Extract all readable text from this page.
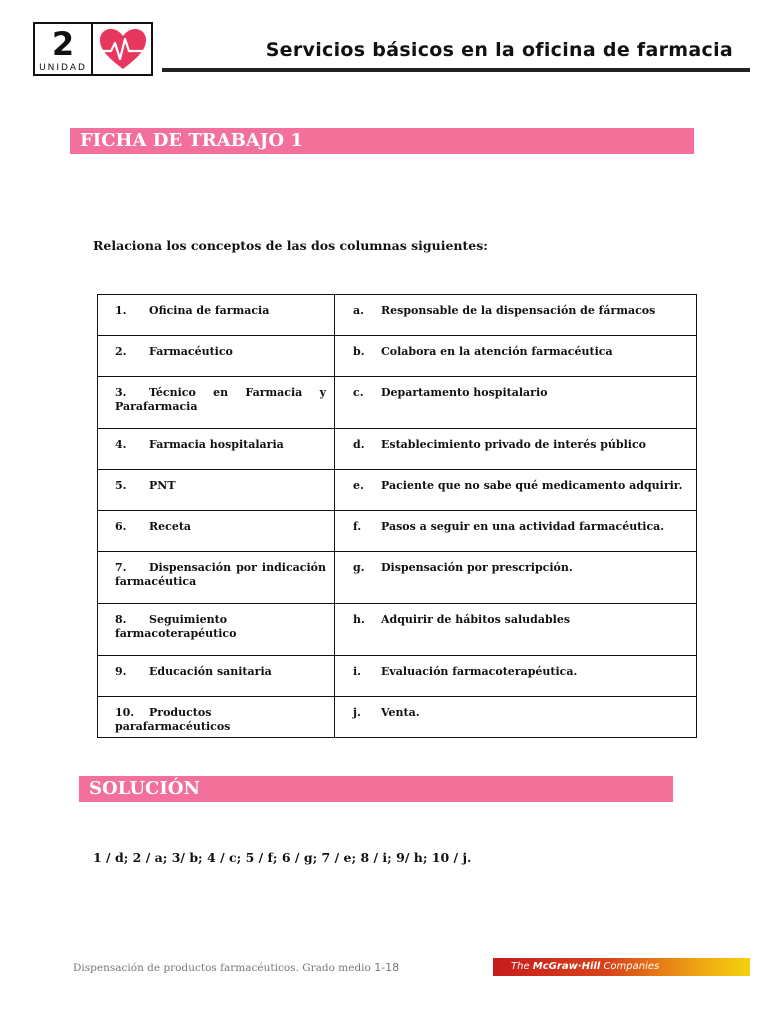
2
UNIDAD
Servicios básicos en la oficina de farmacia
FICHA DE TRABAJO 1
Relaciona los conceptos de las dos columnas siguientes:
1. Oficina de farmacia	a. Responsable de la dispensación de fármacos
2. Farmacéutico	b. Colabora en la atención farmacéutica
3. Técnico en Farmacia y Parafarmacia	c. Departamento hospitalario
4. Farmacia hospitalaria	d. Establecimiento privado de interés público
5. PNT	e. Paciente que no sabe qué medicamento adquirir.
6. Receta	f. Pasos a seguir en una actividad farmacéutica.
7. Dispensación por indicación farmacéutica	g. Dispensación por prescripción.
8. Seguimiento farmacoterapéutico	h. Adquirir de hábitos saludables
9. Educación sanitaria	i. Evaluación farmacoterapéutica.
10. Productos parafarmacéuticos	j. Venta.
SOLUCIÓN
1 / d; 2 / a; 3/ b; 4 / c; 5 / f; 6 / g; 7 / e; 8 / i; 9/ h; 10 / j.
Dispensación de productos farmacéuticos. Grado medio 1-18	The McGraw·Hill Companies
